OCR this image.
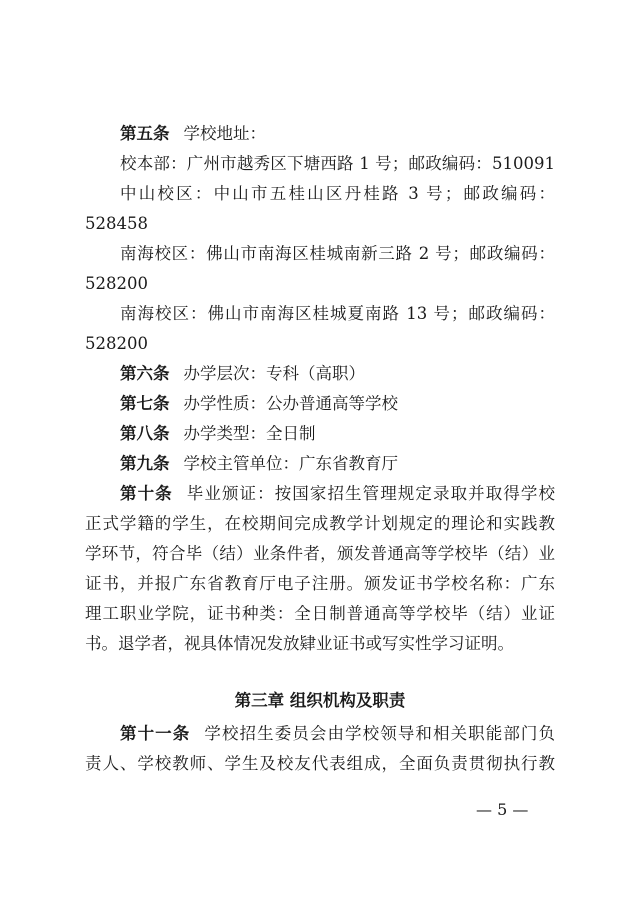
第五条 学校地址：
校本部：广州市越秀区下塘西路 1 号；邮政编码：510091
中山校区：中山市五桂山区丹桂路 3 号；邮政编码：
528458
南海校区：佛山市南海区桂城南新三路 2 号；邮政编码：
528200
南海校区：佛山市南海区桂城夏南路 13 号；邮政编码：
528200
第六条 办学层次：专科（高职）
第七条 办学性质：公办普通高等学校
第八条 办学类型：全日制
第九条 学校主管单位：广东省教育厅
第十条 毕业颁证：按国家招生管理规定录取并取得学校
正式学籍的学生，在校期间完成教学计划规定的理论和实践教
学环节，符合毕（结）业条件者，颁发普通高等学校毕（结）业
证书，并报广东省教育厅电子注册。颁发证书学校名称：广东
理工职业学院，证书种类：全日制普通高等学校毕（结）业证
书。退学者，视具体情况发放肄业证书或写实性学习证明。
第三章 组织机构及职责
第十一条 学校招生委员会由学校领导和相关职能部门负
责人、学校教师、学生及校友代表组成，全面负责贯彻执行教
— 5 —
